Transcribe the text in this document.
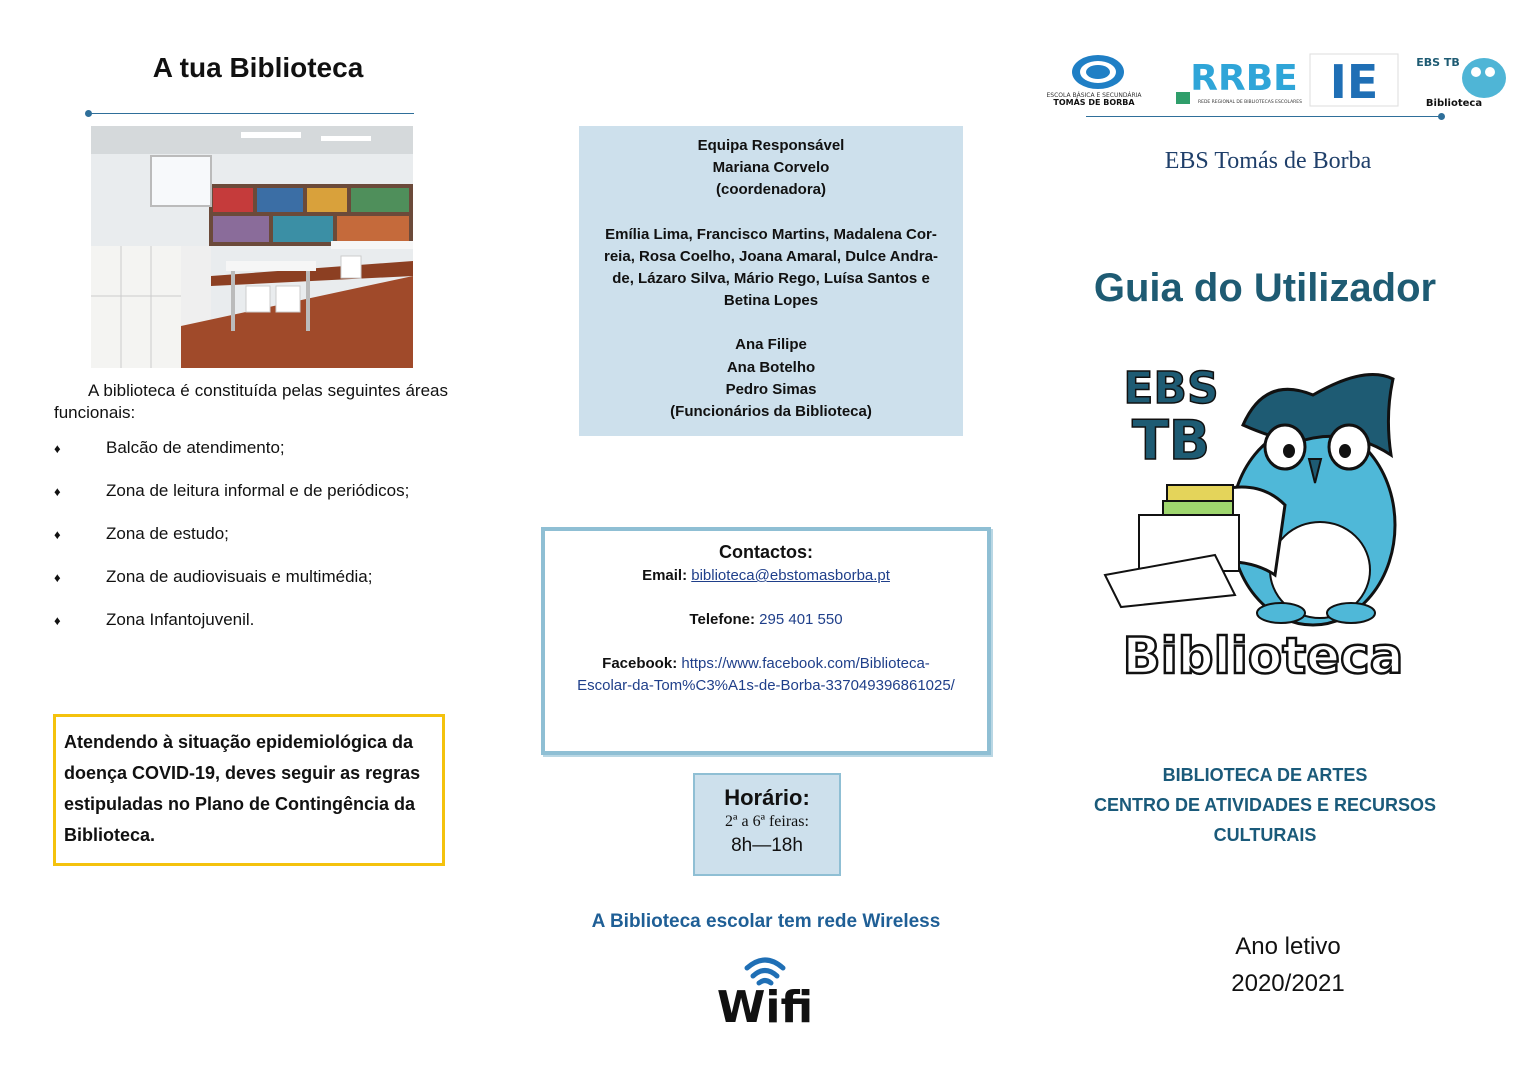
A tua Biblioteca
A biblioteca é constituída pelas seguintes áreas funcionais:
♦	Balcão de atendimento;
♦	Zona de leitura informal e de periódicos;
♦	Zona de estudo;
♦	Zona de audiovisuais e multimédia;
♦	Zona Infantojuvenil.
Atendendo à situação epidemiológica da doença COVID-19, deves seguir as regras estipuladas no Plano de Contingência da Biblioteca.
Equipa Responsável
Mariana Corvelo
(coordenadora)
Emília Lima, Francisco Martins, Madalena Cor-
reia, Rosa Coelho, Joana Amaral, Dulce Andra-
de, Lázaro Silva, Mário Rego, Luísa Santos e
Betina Lopes
Ana Filipe
Ana Botelho
Pedro Simas
(Funcionários da Biblioteca)
Contactos:
Email: biblioteca@ebstomasborba.pt

Telefone: 295 401 550

Facebook: https://www.facebook.com/Biblioteca-
Escolar-da-Tom%C3%A1s-de-Borba-337049396861025/
Horário:
2ª a 6ª feiras:
8h—18h
A Biblioteca escolar tem rede Wireless
Wifi
ESCOLA BÁSICA E SECUNDÁRIA
TOMÁS DE BORBA
RRBE
REDE REGIONAL DE BIBLIOTECAS ESCOLARES IE	EBS TB
Biblioteca
EBS Tomás de Borba
Guia do Utilizador
EBS
TB
Biblioteca
BIBLIOTECA DE ARTES
CENTRO DE ATIVIDADES E RECURSOS
CULTURAIS
Ano letivo
2020/2021
